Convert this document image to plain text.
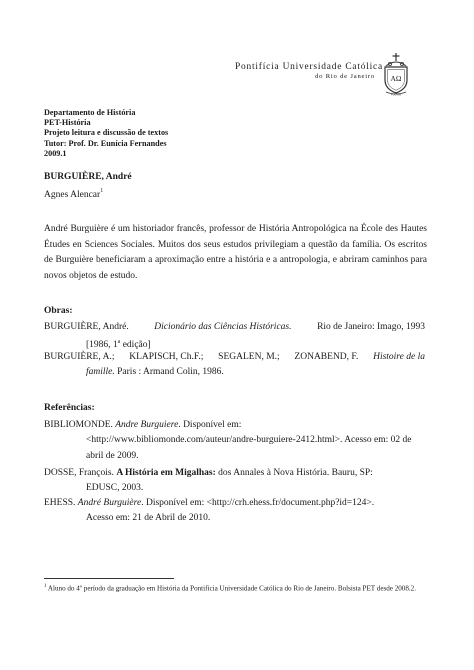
Pontifícia Universidade Católica
do Rio de Janeiro AΩ
PUC-Rio
Departamento de História
PET-História
Projeto leitura e discussão de textos
Tutor: Prof. Dr. Eunícia Fernandes
2009.1
BURGUIÈRE, André
Agnes Alencar$^1$
André Burguière é um historiador francês, professor de História Antropológica na École des Hautes Études en Sciences Sociales. Muitos dos seus estudos privilegiam a questão da família. Os escritos de Burguière beneficiaram a aproximação entre a história e a antropologia, e abriram caminhos para novos objetos de estudo.
Obras:
BURGUIÈRE, André.	Dicionário das Ciências Históricas.	Rio de Janeiro: Imago, 1993
[1986, 1$^a$ edição]
BURGUIÈRE, A.; KLAPISCH, Ch.F.; SEGALEN, M.; ZONABEND, F. Histoire de la
famille. Paris : Armand Colin, 1986.
Referências:
BIBLIOMONDE. Andre Burguiere. Disponível em:
<http://www.bibliomonde.com/auteur/andre-burguiere-2412.html>. Acesso em: 02 de
abril de 2009.
DOSSE, François. A História em Migalhas: dos Annales à Nova História. Bauru, SP:
EDUSC, 2003.
EHESS. André Burguière. Disponível em: <http://crh.ehess.fr/document.php?id=124>.
Acesso em: 21 de Abril de 2010.
$^1$ Aluno do 4º período da graduação em História da Pontifícia Universidade Católica do Rio de Janeiro. Bolsista PET desde 2008.2.
